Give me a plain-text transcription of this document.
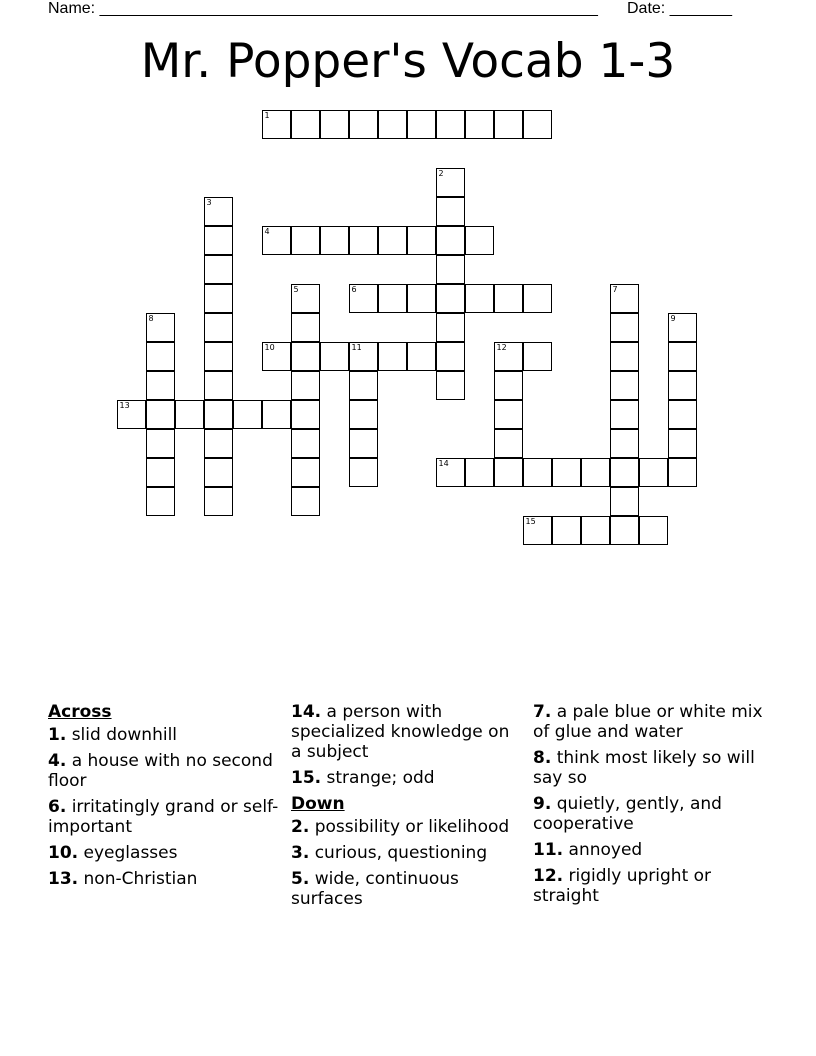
Name: ________________________________________________________ Date: _______
Mr. Popper's Vocab 1-3
1
2
3
4
5	6	7
8	9
10	11	12
13
14
15
Across
1. slid downhill
4. a house with no second floor
6. irritatingly grand or self-important
10. eyeglasses
13. non-Christian
14. a person with specialized knowledge on a subject
15. strange; odd
Down
2. possibility or likelihood
3. curious, questioning
5. wide, continuous surfaces
7. a pale blue or white mix of glue and water
8. think most likely so will say so
9. quietly, gently, and cooperative
11. annoyed
12. rigidly upright or straight
